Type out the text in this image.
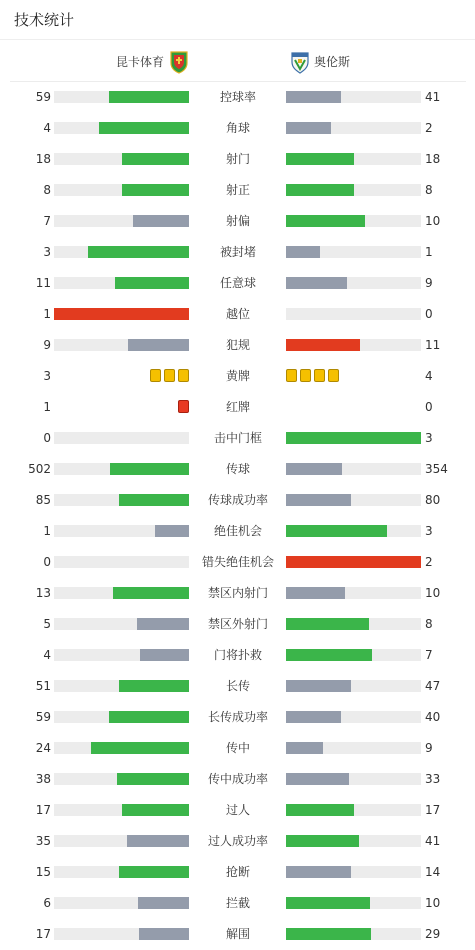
技术统计
昆卡体育	奥伦斯
59	控球率	41
4	角球	2
18	射门	18
8	射正	8
7	射偏	10
3	被封堵	1
11	任意球	9
1	越位	0
9	犯规	11
3	黄牌	4
1	红牌	0
0	击中门框	3
502	传球	354
85	传球成功率	80
1	绝佳机会	3
0	错失绝佳机会	2
13	禁区内射门	10
5	禁区外射门	8
4	门将扑救	7
51	长传	47
59	长传成功率	40
24	传中	9
38	传中成功率	33
17	过人	17
35	过人成功率	41
15	抢断	14
6	拦截	10
17	解围	29
